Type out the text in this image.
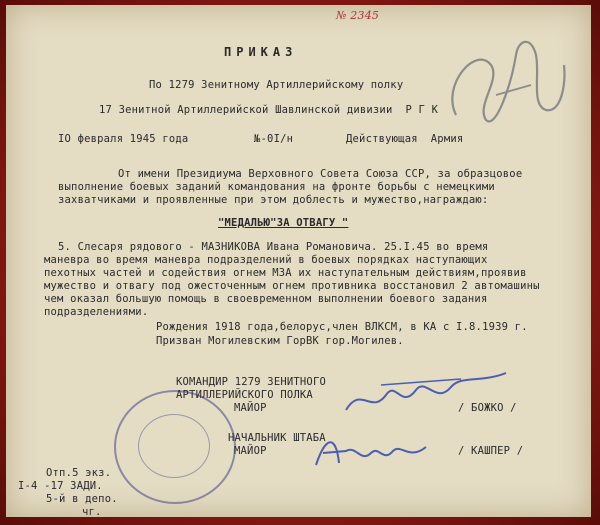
№ 2345
ПРИКАЗ
По 1279 Зенитному Артиллерийскому полку
17 Зенитной Артиллерийской Шавлинской дивизии  Р Г К
IO февраля 1945 года	№-0I/н	Действующая  Армия
От имени Президиума Верховного Совета Союза ССР, за образцовое
выполнение боевых заданий командования на фронте борьбы с немецкими
захватчиками и проявленные при этом доблесть и мужество,награждаю:
"МЕДАЛЬЮ"ЗА ОТВАГУ "
5. Слесаря рядового - МАЗНИКОВА Ивана Романовича. 25.I.45 во время
маневра во время маневра подразделений в боевых порядках наступающих
пехотных частей и содействия огнем МЗА их наступательным действиям,проявив
мужество и отвагу под ожесточенным огнем противника восстановил 2 автомашины
чем оказал большую помощь в своевременном выполнении боевого задания
подразделениями.
Рождения 1918 года,белорус,член ВЛКСМ, в КА с I.8.1939 г.
Призван Могилевским ГорВК гор.Могилев.
КОМАНДИР 1279 ЗЕНИТНОГО
АРТИЛЛЕРИЙСКОГО ПОЛКА
МАЙОР	/ БОЖКО /
НАЧАЛЬНИК ШТАБА
МАЙОР	/ КАШПЕР /
Отп.5 экз.
I-4 -17 ЗАДИ.
5-й в депо.
чг.
